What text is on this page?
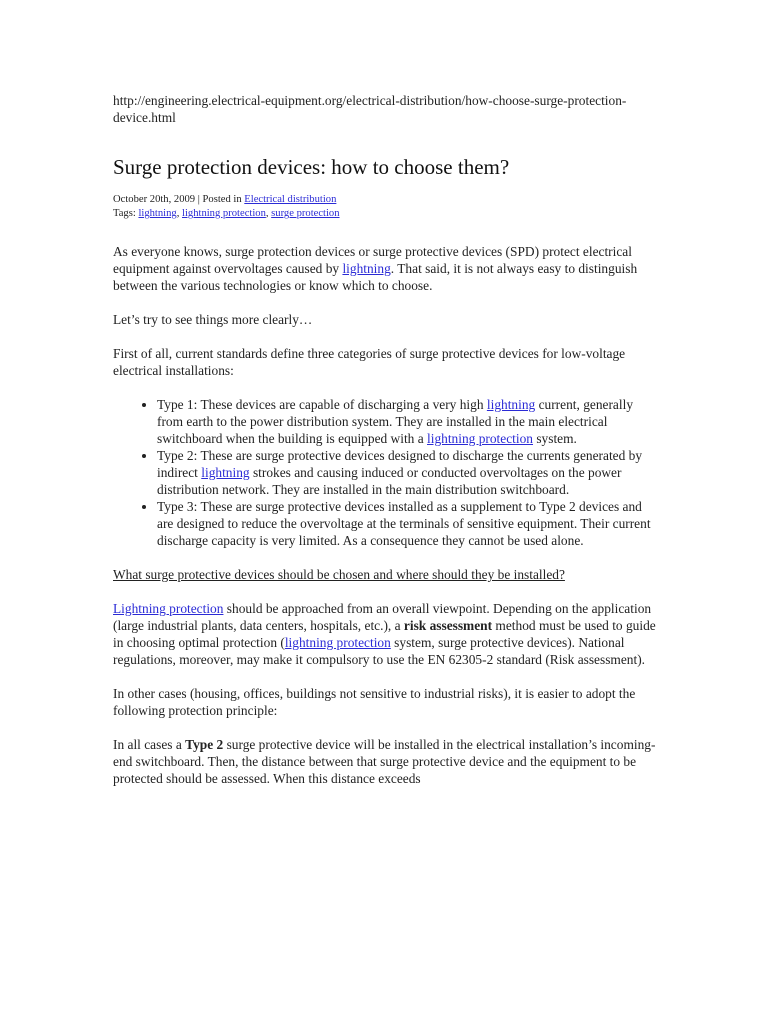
http://engineering.electrical-equipment.org/electrical-distribution/how-choose-surge-protection-device.html
Surge protection devices: how to choose them?
October 20th, 2009 | Posted in Electrical distribution
Tags: lightning, lightning protection, surge protection

As everyone knows, surge protection devices or surge protective devices (SPD) protect electrical equipment against overvoltages caused by lightning. That said, it is not always easy to distinguish between the various technologies or know which to choose.

Let’s try to see things more clearly…

First of all, current standards define three categories of surge protective devices for low-voltage electrical installations:

• Type 1: These devices are capable of discharging a very high lightning current, generally from earth to the power distribution system. They are installed in the main electrical switchboard when the building is equipped with a lightning protection system.
• Type 2: These are surge protective devices designed to discharge the currents generated by indirect lightning strokes and causing induced or conducted overvoltages on the power distribution network. They are installed in the main distribution switchboard.
• Type 3: These are surge protective devices installed as a supplement to Type 2 devices and are designed to reduce the overvoltage at the terminals of sensitive equipment. Their current discharge capacity is very limited. As a consequence they cannot be used alone.
What surge protective devices should be chosen and where should they be installed?

Lightning protection should be approached from an overall viewpoint. Depending on the application (large industrial plants, data centers, hospitals, etc.), a risk assessment method must be used to guide in choosing optimal protection (lightning protection system, surge protective devices). National regulations, moreover, may make it compulsory to use the EN 62305-2 standard (Risk assessment).

In other cases (housing, offices, buildings not sensitive to industrial risks), it is easier to adopt the following protection principle:

In all cases a Type 2 surge protective device will be installed in the electrical installation’s incoming-end switchboard. Then, the distance between that surge protective device and the equipment to be protected should be assessed. When this distance exceeds
